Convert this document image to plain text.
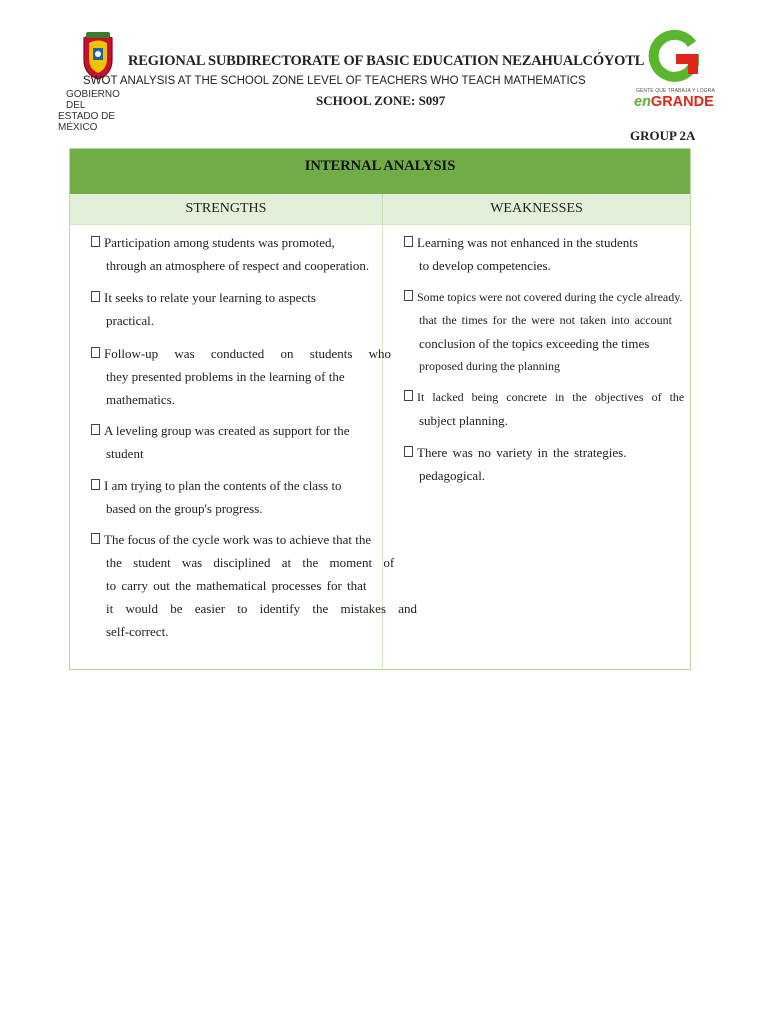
GOBIERNO DEL
ESTADO DE MÉXICO
REGIONAL SUBDIRECTORATE OF BASIC EDUCATION NEZAHUALCÓYOTL
SWOT ANALYSIS AT THE SCHOOL ZONE LEVEL OF TEACHERS WHO TEACH MATHEMATICS
SCHOOL ZONE: S097
GENTE QUE TRABAJA Y LOGRA
enGRANDE
GROUP 2A
INTERNAL ANALYSIS
STRENGTHS	WEAKNESSES
Participation among students was promoted,
through an atmosphere of respect and cooperation.
It seeks to relate your learning to aspects
practical.
Follow-up was conducted on students who
they presented problems in the learning of the
mathematics.
A leveling group was created as support for the
student
I am trying to plan the contents of the class to
based on the group's progress.
The focus of the cycle work was to achieve that the
the student was disciplined at the moment of
to carry out the mathematical processes for that
it would be easier to identify the mistakes and
self-correct.
Learning was not enhanced in the students
to develop competencies.
Some topics were not covered during the cycle already.
that the times for the were not taken into account
conclusion of the topics exceeding the times
proposed during the planning
It lacked being concrete in the objectives of the
subject planning.
There was no variety in the strategies.
pedagogical.
